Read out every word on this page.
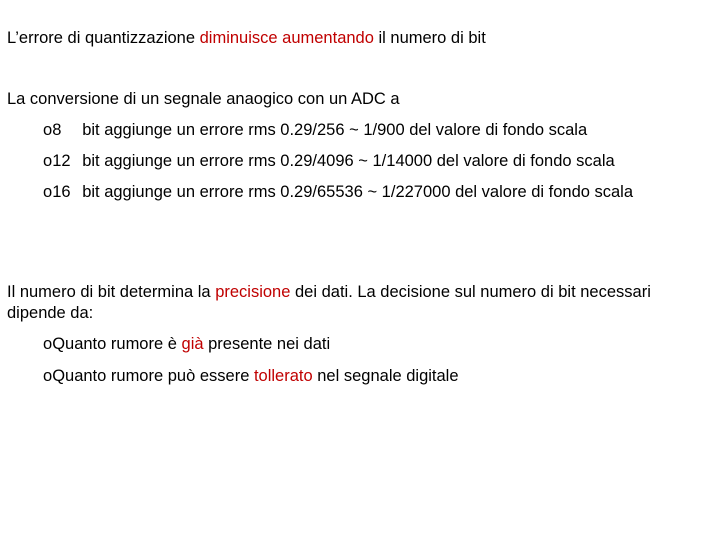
L’errore di quantizzazione diminuisce aumentando il numero di bit
La conversione di un segnale anaogico con un ADC a
o8 bit aggiunge un errore rms 0.29/256 ~ 1/900 del valore di fondo scala
o12 bit aggiunge un errore rms 0.29/4096 ~ 1/14000 del valore di fondo scala
o16 bit aggiunge un errore rms 0.29/65536 ~ 1/227000 del valore di fondo scala
Il numero di bit determina la precisione dei dati. La decisione sul numero di bit necessari
dipende da:
oQuanto rumore è già presente nei dati
oQuanto rumore può essere tollerato nel segnale digitale
